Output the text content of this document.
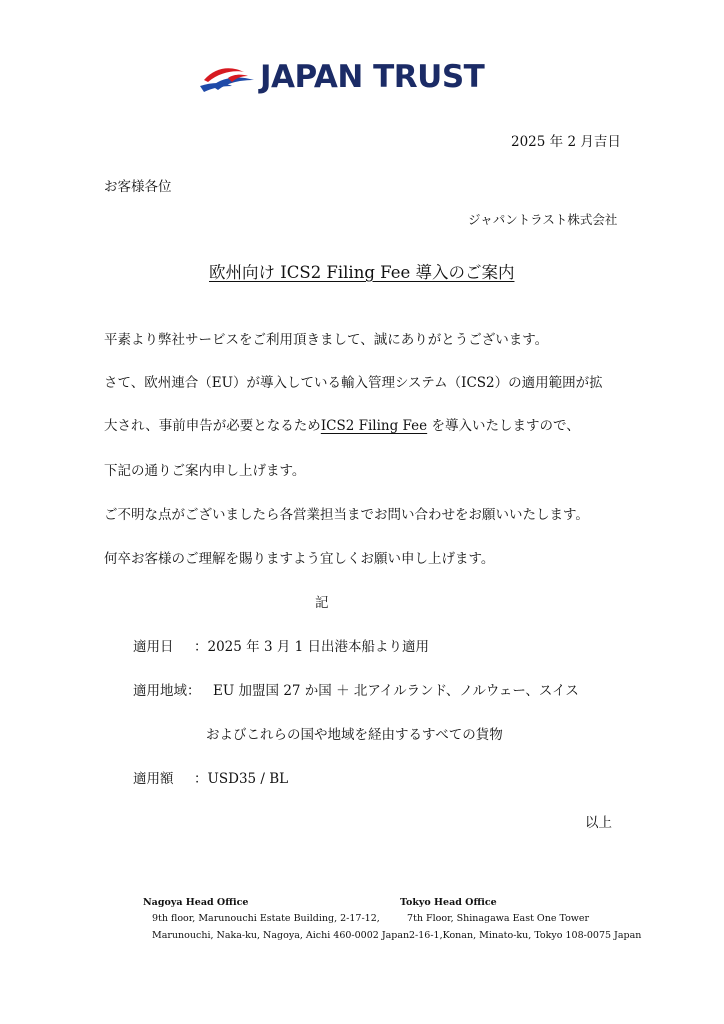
JAPAN TRUST
2025 年 2 月吉日
お客様各位
ジャパントラスト株式会社
欧州向け ICS2 Filing Fee 導入のご案内
平素より弊社サービスをご利用頂きまして、誠にありがとうございます。
さて、欧州連合（EU）が導入している輸入管理システム（ICS2）の適用範囲が拡
大され、事前申告が必要となるためICS2 Filing Fee を導入いたしますので、
下記の通りご案内申し上げます。
ご不明な点がございましたら各営業担当までお問い合わせをお願いいたします。
何卒お客様のご理解を賜りますよう宜しくお願い申し上げます。
記
適用日 ：2025 年 3 月 1 日出港本船より適用
適用地域： EU 加盟国 27 か国 ＋ 北アイルランド、ノルウェー、スイス
およびこれらの国や地域を経由するすべての貨物
適用額 ：USD35 / BL
以上
Nagoya Head Office
9th floor, Marunouchi Estate Building, 2-17-12,
Marunouchi, Naka-ku, Nagoya, Aichi 460-0002 Japan
Tokyo Head Office
7th Floor, Shinagawa East One Tower
2-16-1,Konan, Minato-ku, Tokyo 108-0075 Japan
